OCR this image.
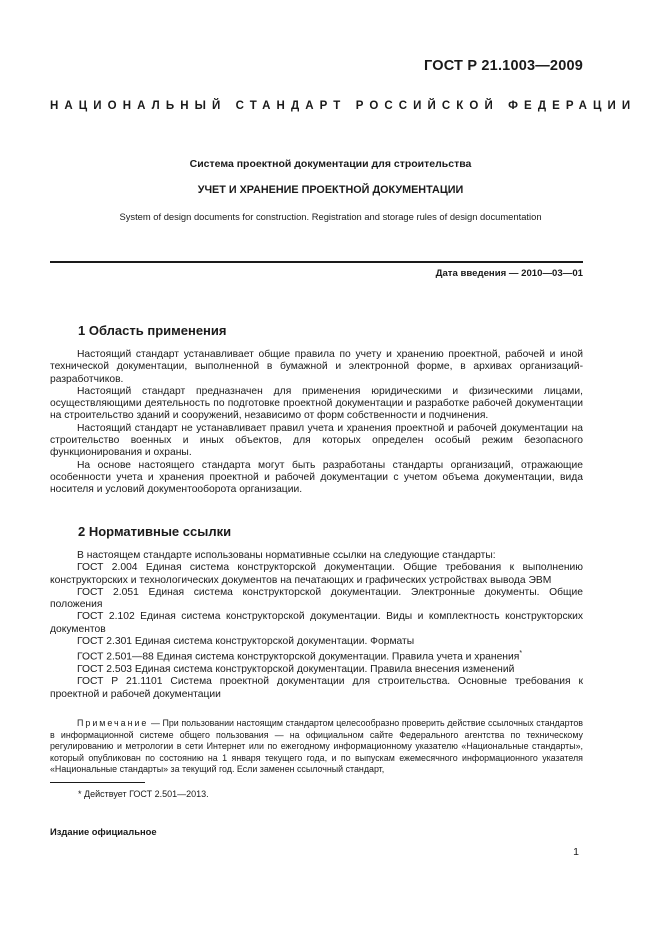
ГОСТ Р 21.1003—2009
НАЦИОНАЛЬНЫЙ СТАНДАРТ РОССИЙСКОЙ ФЕДЕРАЦИИ
Система проектной документации для строительства
УЧЕТ И ХРАНЕНИЕ ПРОЕКТНОЙ ДОКУМЕНТАЦИИ
System of design documents for construction. Registration and storage rules of design documentation
Дата введения — 2010—03—01
1 Область применения

Настоящий стандарт устанавливает общие правила по учету и хранению проектной, рабочей и иной технической документации, выполненной в бумажной и электронной форме, в архивах организаций-разработчиков.

Настоящий стандарт предназначен для применения юридическими и физическими лицами, осуществляющими деятельность по подготовке проектной документации и разработке рабочей документации на строительство зданий и сооружений, независимо от форм собственности и подчинения.

Настоящий стандарт не устанавливает правил учета и хранения проектной и рабочей документации на строительство военных и иных объектов, для которых определен особый режим безопасного функционирования и охраны.

На основе настоящего стандарта могут быть разработаны стандарты организаций, отражающие особенности учета и хранения проектной и рабочей документации с учетом объема документации, вида носителя и условий документооборота организации.

2 Нормативные ссылки

В настоящем стандарте использованы нормативные ссылки на следующие стандарты:

ГОСТ 2.004 Единая система конструкторской документации. Общие требования к выполнению конструкторских и технологических документов на печатающих и графических устройствах вывода ЭВМ

ГОСТ 2.051 Единая система конструкторской документации. Электронные документы. Общие положения

ГОСТ 2.102 Единая система конструкторской документации. Виды и комплектность конструкторских документов

ГОСТ 2.301 Единая система конструкторской документации. Форматы

ГОСТ 2.501—88 Единая система конструкторской документации. Правила учета и хранения*

ГОСТ 2.503 Единая система конструкторской документации. Правила внесения изменений

ГОСТ Р 21.1101 Система проектной документации для строительства. Основные требования к проектной и рабочей документации

Примечание — При пользовании настоящим стандартом целесообразно проверить действие ссылочных стандартов в информационной системе общего пользования — на официальном сайте Федерального агентства по техническому регулированию и метрологии в сети Интернет или по ежегодному информационному указателю «Национальные стандарты», который опубликован по состоянию на 1 января текущего года, и по выпускам ежемесячного информационного указателя «Национальные стандарты» за текущий год. Если заменен ссылочный стандарт,
* Действует ГОСТ 2.501—2013.
Издание официальное
1
